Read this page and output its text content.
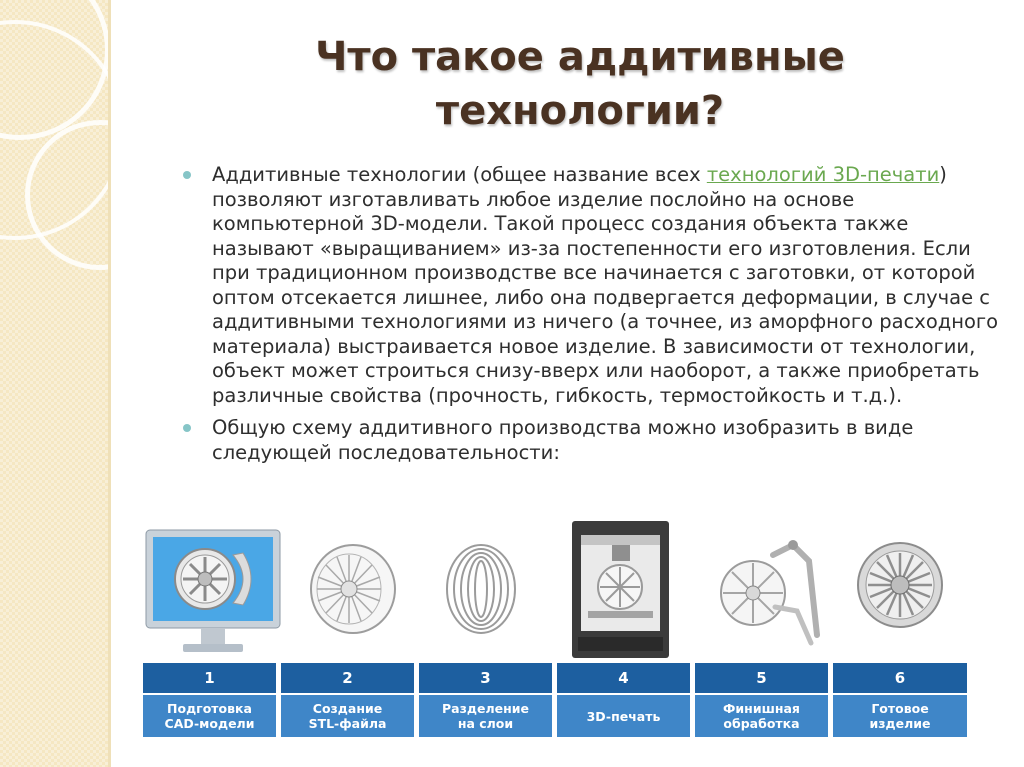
Что такое аддитивные технологии?

Аддитивные технологии (общее название всех технологий 3D-печати) позволяют изготавливать любое изделие послойно на основе компьютерной 3D-модели. Такой процесс создания объекта также называют «выращиванием» из-за постепенности его изготовления. Если при традиционном производстве все начинается с заготовки, от которой оптом отсекается лишнее, либо она подвергается деформации, в случае с аддитивными технологиями из ничего (а точнее, из аморфного расходного материала) выстраивается новое изделие. В зависимости от технологии, объект может строиться снизу-вверх или наоборот, а также приобретать различные свойства (прочность, гибкость, термостойкость и т.д.).

Общую схему аддитивного производства можно изобразить в виде следующей последовательности:

1
Подготовка
CAD-модели
2
Создание
STL-файла
3
Разделение
на слои
4
3D-печать
5
Финишная
обработка
6
Готовое
изделие
